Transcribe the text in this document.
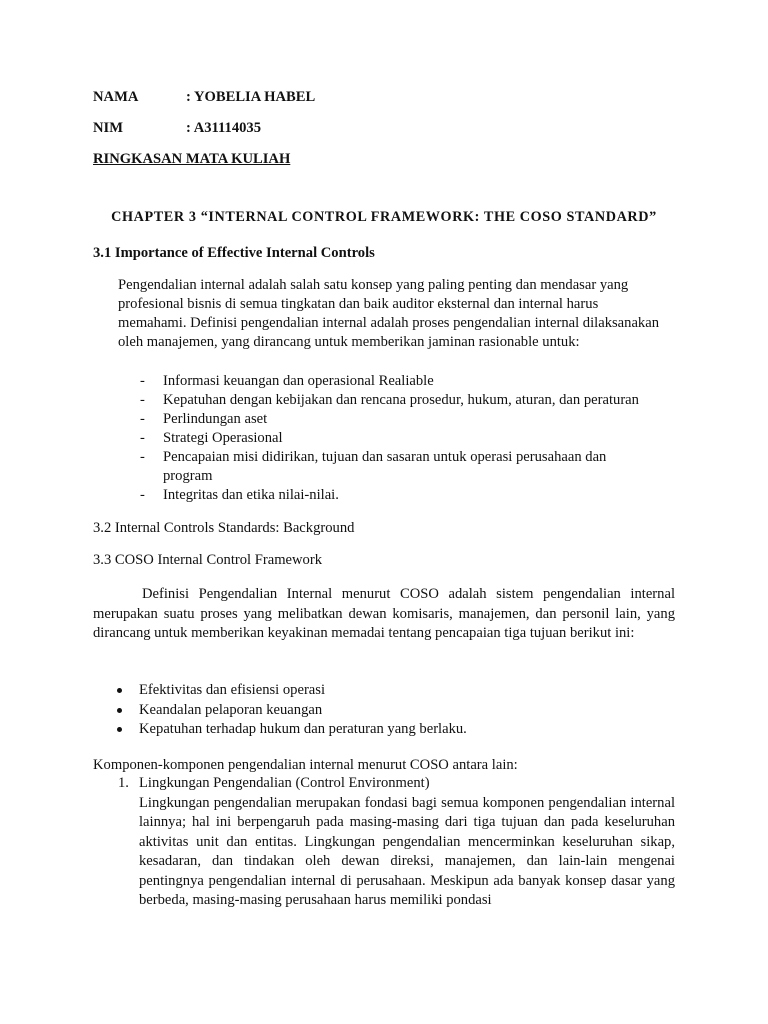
NAMA	: YOBELIA HABEL
NIM	: A31114035
RINGKASAN MATA KULIAH
CHAPTER 3 “INTERNAL CONTROL FRAMEWORK: THE COSO STANDARD”
3.1 Importance of Effective Internal Controls
Pengendalian internal adalah salah satu konsep yang paling penting dan mendasar yang profesional bisnis di semua tingkatan dan baik auditor eksternal dan internal harus memahami. Definisi pengendalian internal adalah proses pengendalian internal dilaksanakan oleh manajemen, yang dirancang untuk memberikan jaminan rasionable untuk:
- Informasi keuangan dan operasional Realiable
- Kepatuhan dengan kebijakan dan rencana prosedur, hukum, aturan, dan peraturan
- Perlindungan aset
- Strategi Operasional
- Pencapaian misi didirikan, tujuan dan sasaran untuk operasi perusahaan dan program
- Integritas dan etika nilai-nilai.
3.2 Internal Controls Standards: Background
3.3 COSO Internal Control Framework

Definisi Pengendalian Internal menurut COSO adalah sistem pengendalian internal merupakan suatu proses yang melibatkan dewan komisaris, manajemen, dan personil lain, yang dirancang untuk memberikan keyakinan memadai tentang pencapaian tiga tujuan berikut ini:

Efektivitas dan efisiensi operasi
Keandalan pelaporan keuangan
Kepatuhan terhadap hukum dan peraturan yang berlaku.
Komponen-komponen pengendalian internal menurut COSO antara lain:
1. Lingkungan Pengendalian (Control Environment)
Lingkungan pengendalian merupakan fondasi bagi semua komponen pengendalian internal lainnya; hal ini berpengaruh pada masing-masing dari tiga tujuan dan pada keseluruhan aktivitas unit dan entitas. Lingkungan pengendalian mencerminkan keseluruhan sikap, kesadaran, dan tindakan oleh dewan direksi, manajemen, dan lain-lain mengenai pentingnya pengendalian internal di perusahaan. Meskipun ada banyak konsep dasar yang berbeda, masing-masing perusahaan harus memiliki pondasi
